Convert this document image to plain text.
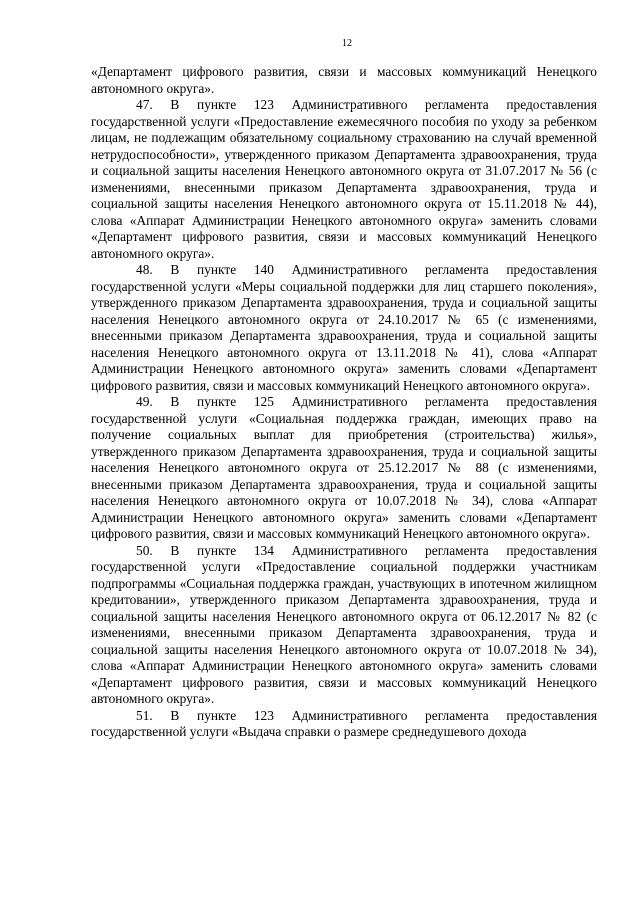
12

«Департамент цифрового развития, связи и массовых коммуникаций Ненецкого автономного округа».

47. В пункте 123 Административного регламента предоставления государственной услуги «Предоставление ежемесячного пособия по уходу за ребенком лицам, не подлежащим обязательному социальному страхованию на случай временной нетрудоспособности», утвержденного приказом Департамента здравоохранения, труда и социальной защиты населения Ненецкого автономного округа от 31.07.2017 № 56 (с изменениями, внесенными приказом Департамента здравоохранения, труда и социальной защиты населения Ненецкого автономного округа от 15.11.2018 № 44), слова «Аппарат Администрации Ненецкого автономного округа» заменить словами «Департамент цифрового развития, связи и массовых коммуникаций Ненецкого автономного округа».

48. В пункте 140 Административного регламента предоставления государственной услуги «Меры социальной поддержки для лиц старшего поколения», утвержденного приказом Департамента здравоохранения, труда и социальной защиты населения Ненецкого автономного округа от 24.10.2017 № 65 (с изменениями, внесенными приказом Департамента здравоохранения, труда и социальной защиты населения Ненецкого автономного округа от 13.11.2018 № 41), слова «Аппарат Администрации Ненецкого автономного округа» заменить словами «Департамент цифрового развития, связи и массовых коммуникаций Ненецкого автономного округа».

49. В пункте 125 Административного регламента предоставления государственной услуги «Социальная поддержка граждан, имеющих право на получение социальных выплат для приобретения (строительства) жилья», утвержденного приказом Департамента здравоохранения, труда и социальной защиты населения Ненецкого автономного округа от 25.12.2017 № 88 (с изменениями, внесенными приказом Департамента здравоохранения, труда и социальной защиты населения Ненецкого автономного округа от 10.07.2018 № 34), слова «Аппарат Администрации Ненецкого автономного округа» заменить словами «Департамент цифрового развития, связи и массовых коммуникаций Ненецкого автономного округа».

50. В пункте 134 Административного регламента предоставления государственной услуги «Предоставление социальной поддержки участникам подпрограммы «Социальная поддержка граждан, участвующих в ипотечном жилищном кредитовании», утвержденного приказом Департамента здравоохранения, труда и социальной защиты населения Ненецкого автономного округа от 06.12.2017 № 82 (с изменениями, внесенными приказом Департамента здравоохранения, труда и социальной защиты населения Ненецкого автономного округа от 10.07.2018 № 34), слова «Аппарат Администрации Ненецкого автономного округа» заменить словами «Департамент цифрового развития, связи и массовых коммуникаций Ненецкого автономного округа».

51. В пункте 123 Административного регламента предоставления государственной услуги «Выдача справки о размере среднедушевого дохода
